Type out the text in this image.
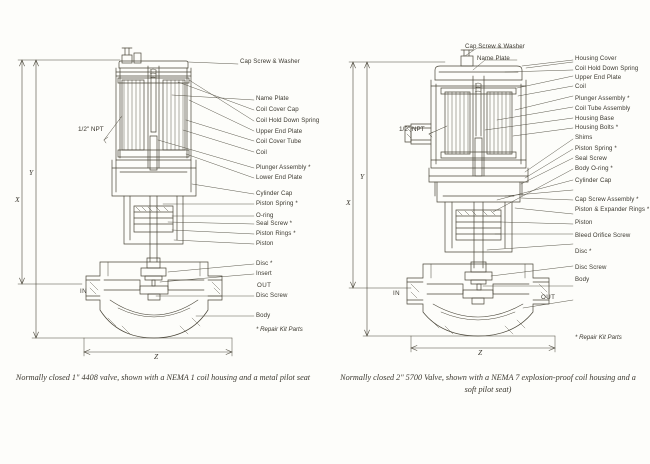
1/2" NPT
X
Y
Z
IN
OUT
Cap Screw & Washer
Name Plate
Coil Cover Cap
Coil Hold Down Spring
Upper End Plate
Coil Cover Tube
Coil
Plunger Assembly *
Lower End Plate
Cylinder Cap
Piston Spring *
O-ring
Seal Screw *
Piston Rings *
Piston
Disc *
Insert
Disc Screw
Body
* Repair Kit Parts
Normally closed 1" 4408 valve, shown with a NEMA 1 coil housing and a metal pilot seat
1/2" NPT
X
Y
Z
IN
OUT
Cap Screw & Washer
Name Plate	Housing Cover
Coil Hold Down Spring
Upper End Plate
Coil
Plunger Assembly *
Coil Tube Assembly
Housing Base
Housing Bolts *
Shims
Piston Spring *
Seal Screw
Body O-ring *
Cylinder Cap
Cap Screw Assembly *
Piston & Expander Rings *
Piston
Bleed Orifice Screw
Disc *
Disc Screw
Body
* Repair Kit Parts
Normally closed 2" 5700 Valve, shown with a NEMA 7 explosion-proof coil housing and a soft pilot seat)
